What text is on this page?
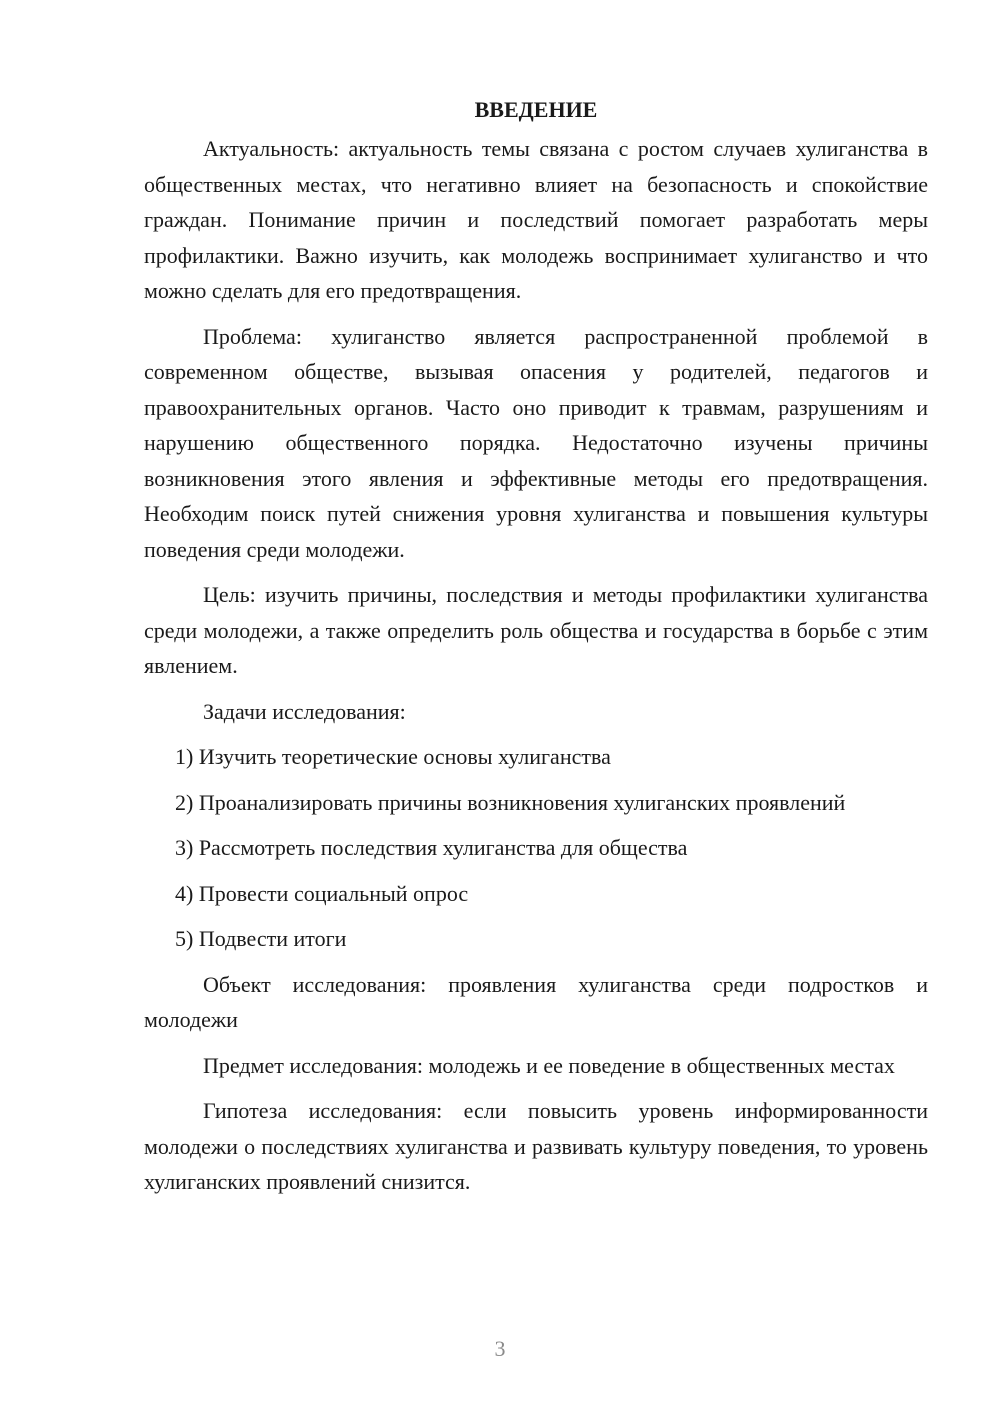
ВВЕДЕНИЕ

Актуальность: актуальность темы связана с ростом случаев хулиганства в общественных местах, что негативно влияет на безопасность и спокойствие граждан. Понимание причин и последствий помогает разработать меры профилактики. Важно изучить, как молодежь воспринимает хулиганство и что можно сделать для его предотвращения.

Проблема: хулиганство является распространенной проблемой в современном обществе, вызывая опасения у родителей, педагогов и правоохранительных органов. Часто оно приводит к травмам, разрушениям и нарушению общественного порядка. Недостаточно изучены причины возникновения этого явления и эффективные методы его предотвращения. Необходим поиск путей снижения уровня хулиганства и повышения культуры поведения среди молодежи.

Цель: изучить причины, последствия и методы профилактики хулиганства среди молодежи, а также определить роль общества и государства в борьбе с этим явлением.

Задачи исследования:

1) Изучить теоретические основы хулиганства

2) Проанализировать причины возникновения хулиганских проявлений

3) Рассмотреть последствия хулиганства для общества

4) Провести социальный опрос

5) Подвести итоги

Объект исследования: проявления хулиганства среди подростков и молодежи

Предмет исследования: молодежь и ее поведение в общественных местах

Гипотеза исследования: если повысить уровень информированности молодежи о последствиях хулиганства и развивать культуру поведения, то уровень хулиганских проявлений снизится.

3
